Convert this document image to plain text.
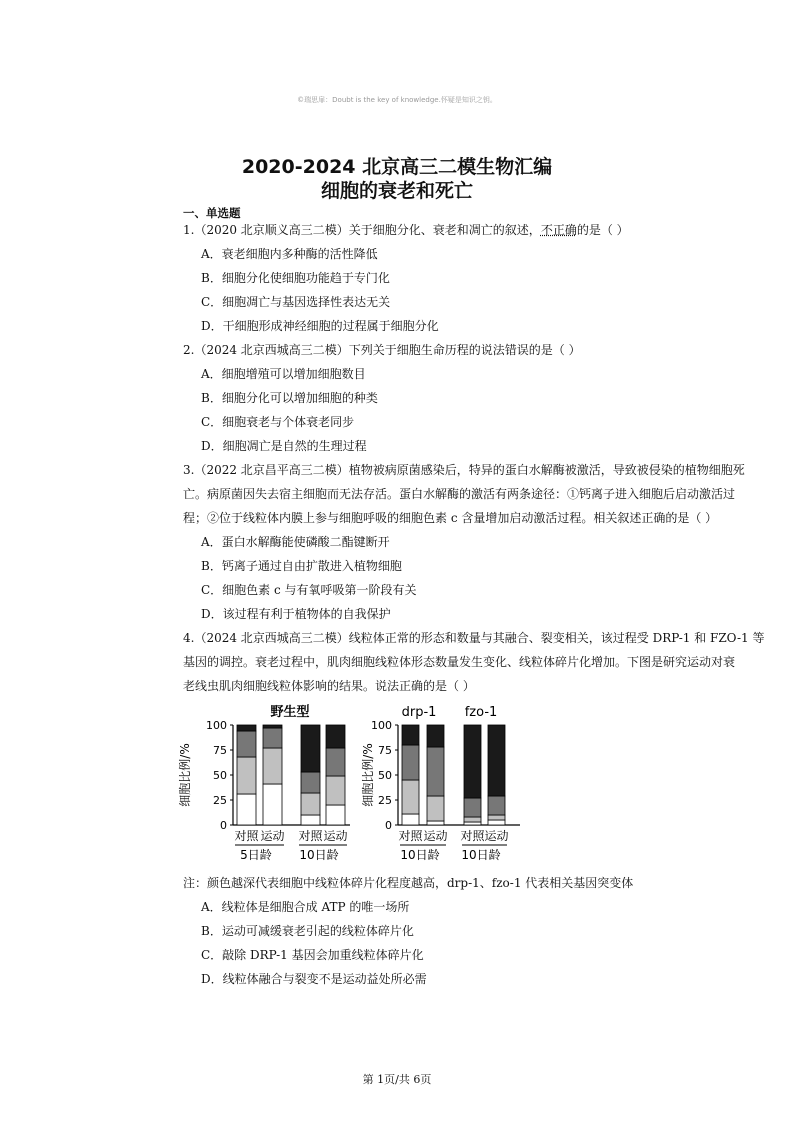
©瑞思扉：Doubt is the key of knowledge.怀疑是知识之钥。
2020-2024 北京高三二模生物汇编
细胞的衰老和死亡
一、单选题
1.（2020 北京顺义高三二模）关于细胞分化、衰老和凋亡的叙述，不正确的是（ ）
A．衰老细胞内多种酶的活性降低
B．细胞分化使细胞功能趋于专门化
C．细胞凋亡与基因选择性表达无关
D．干细胞形成神经细胞的过程属于细胞分化
2.（2024 北京西城高三二模）下列关于细胞生命历程的说法错误的是（ ）
A．细胞增殖可以增加细胞数目
B．细胞分化可以增加细胞的种类
C．细胞衰老与个体衰老同步
D．细胞凋亡是自然的生理过程
3.（2022 北京昌平高三二模）植物被病原菌感染后，特异的蛋白水解酶被激活，导致被侵染的植物细胞死
亡。病原菌因失去宿主细胞而无法存活。蛋白水解酶的激活有两条途径：①钙离子进入细胞后启动激活过
程；②位于线粒体内膜上参与细胞呼吸的细胞色素 c 含量增加启动激活过程。相关叙述正确的是（ ）
A．蛋白水解酶能使磷酸二酯键断开
B．钙离子通过自由扩散进入植物细胞
C．细胞色素 c 与有氧呼吸第一阶段有关
D．该过程有利于植物体的自我保护
4.（2024 北京西城高三二模）线粒体正常的形态和数量与其融合、裂变相关，该过程受 DRP-1 和 FZO-1 等
基因的调控。衰老过程中，肌肉细胞线粒体形态数量发生变化、线粒体碎片化增加。下图是研究运动对衰
老线虫肌肉细胞线粒体影响的结果。说法正确的是（ ）
细胞比例/%
100
75
50
25
0
对照 运动 对照 运动
5日龄 10日龄
野生型
细胞比例/%
100
75
50
25
0
对照 运动 对照 运动
10日龄 10日龄
drp-1 fzo-1
注：颜色越深代表细胞中线粒体碎片化程度越高，drp-1、fzo-1 代表相关基因突变体
A．线粒体是细胞合成 ATP 的唯一场所
B．运动可减缓衰老引起的线粒体碎片化
C．敲除 DRP-1 基因会加重线粒体碎片化
D．线粒体融合与裂变不是运动益处所必需
第 1页/共 6页
